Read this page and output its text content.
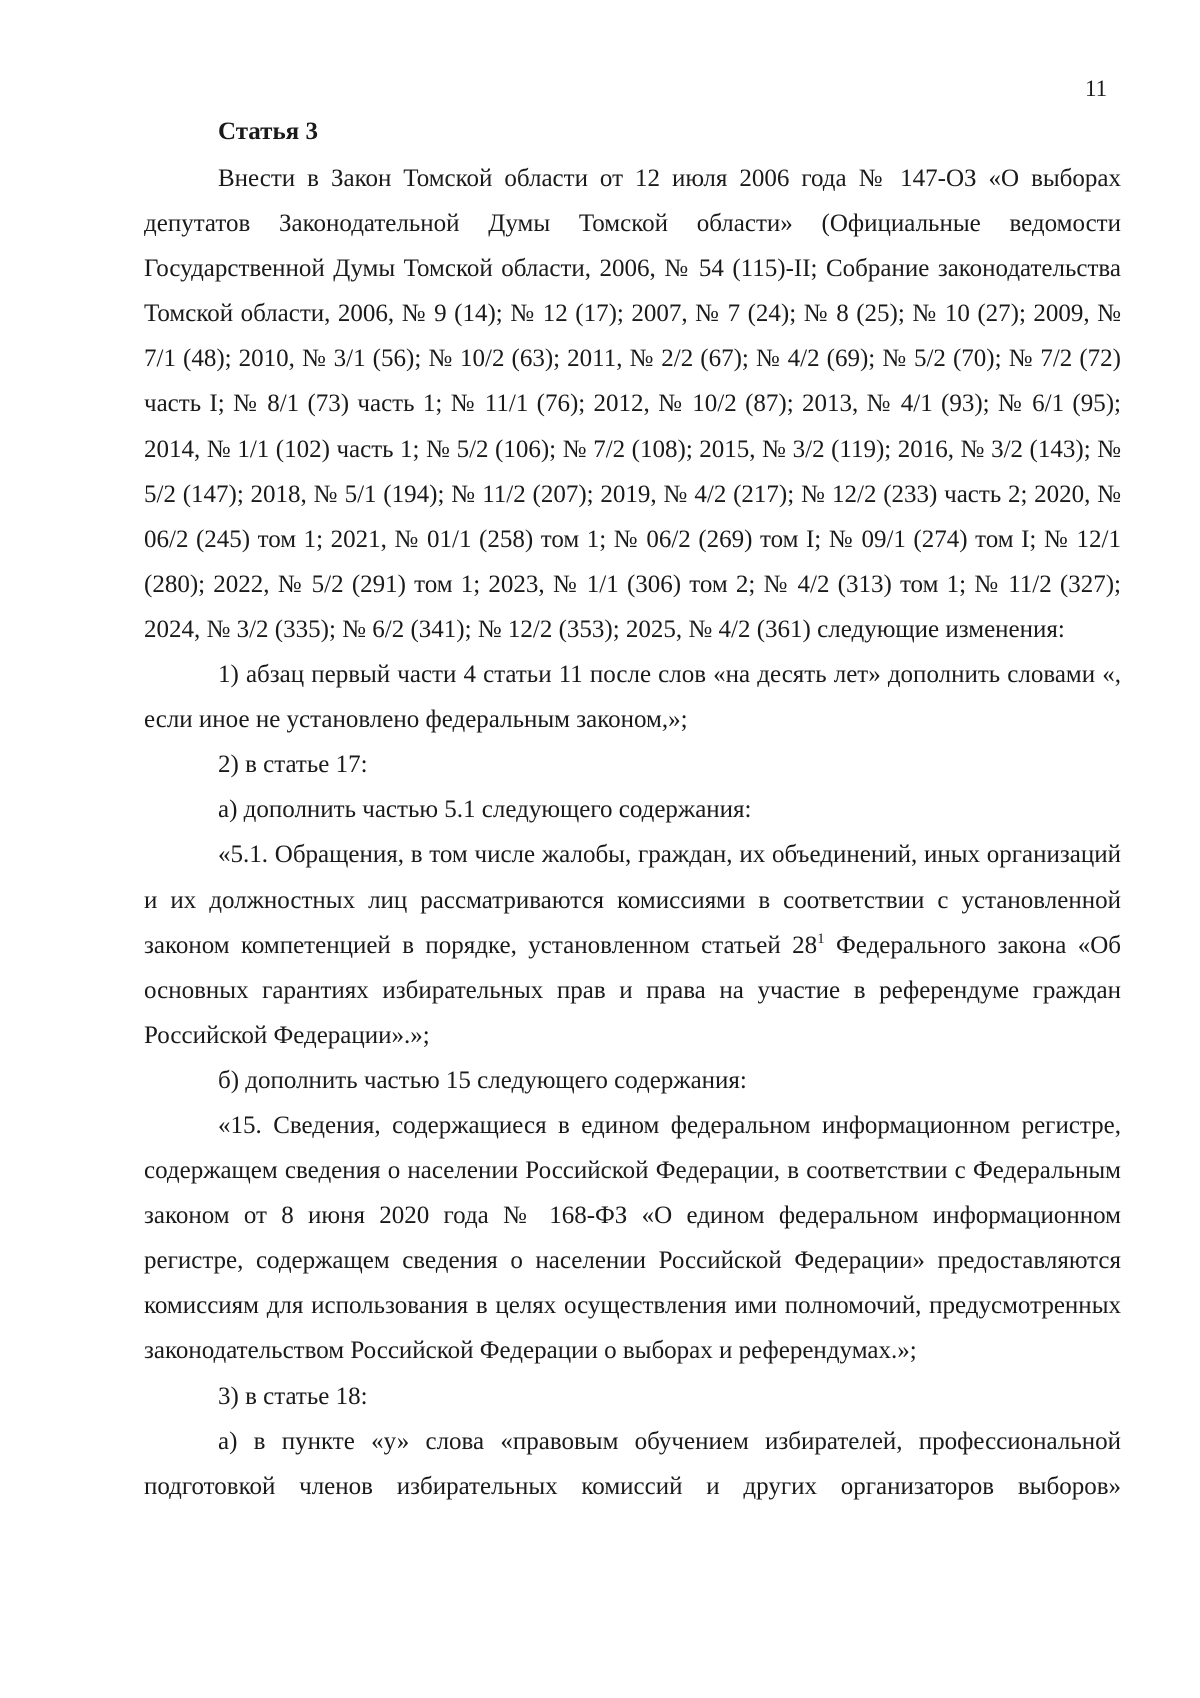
11
Статья 3

Внести в Закон Томской области от 12 июля 2006 года № 147-ОЗ «О выборах депутатов Законодательной Думы Томской области» (Официальные ведомости Государственной Думы Томской области, 2006, № 54 (115)-II; Собрание законодательства Томской области, 2006, № 9 (14); № 12 (17); 2007, № 7 (24); № 8 (25); № 10 (27); 2009, № 7/1 (48); 2010, № 3/1 (56); № 10/2 (63); 2011, № 2/2 (67); № 4/2 (69); № 5/2 (70); № 7/2 (72) часть I; № 8/1 (73) часть 1; № 11/1 (76); 2012, № 10/2 (87); 2013, № 4/1 (93); № 6/1 (95); 2014, № 1/1 (102) часть 1; № 5/2 (106); № 7/2 (108); 2015, № 3/2 (119); 2016, № 3/2 (143); № 5/2 (147); 2018, № 5/1 (194); № 11/2 (207); 2019, № 4/2 (217); № 12/2 (233) часть 2; 2020, № 06/2 (245) том 1; 2021, № 01/1 (258) том 1; № 06/2 (269) том I; № 09/1 (274) том I; № 12/1 (280); 2022, № 5/2 (291) том 1; 2023, № 1/1 (306) том 2; № 4/2 (313) том 1; № 11/2 (327); 2024, № 3/2 (335); № 6/2 (341); № 12/2 (353); 2025, № 4/2 (361) следующие изменения:

1) абзац первый части 4 статьи 11 после слов «на десять лет» дополнить словами «, если иное не установлено федеральным законом,»;

2) в статье 17:

а) дополнить частью 5.1 следующего содержания:

«5.1. Обращения, в том числе жалобы, граждан, их объединений, иных организаций и их должностных лиц рассматриваются комиссиями в соответствии с установленной законом компетенцией в порядке, установленном статьей $28^1$ Федерального закона «Об основных гарантиях избирательных прав и права на участие в референдуме граждан Российской Федерации».»;

б) дополнить частью 15 следующего содержания:

«15. Сведения, содержащиеся в едином федеральном информационном регистре, содержащем сведения о населении Российской Федерации, в соответствии с Федеральным законом от 8 июня 2020 года № 168-ФЗ «О едином федеральном информационном регистре, содержащем сведения о населении Российской Федерации» предоставляются комиссиям для использования в целях осуществления ими полномочий, предусмотренных законодательством Российской Федерации о выборах и референдумах.»;

3) в статье 18:

а) в пункте «у» слова «правовым обучением избирателей, профессиональной подготовкой членов избирательных комиссий и других организаторов выборов»
